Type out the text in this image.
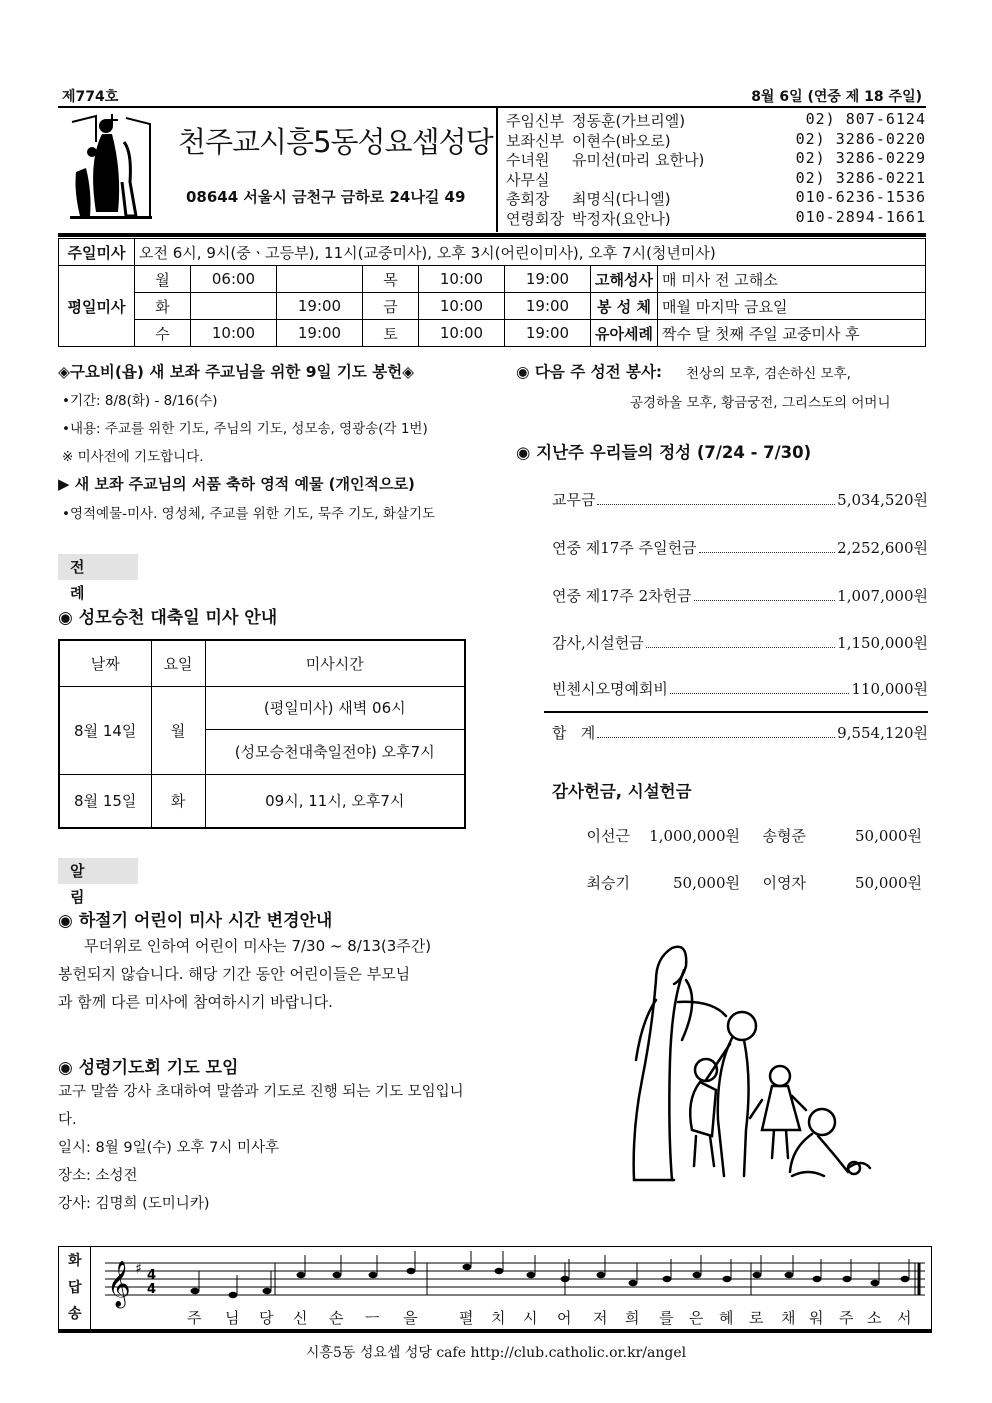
제774호	8월 6일 (연중 제 18 주일)
천주교시흥5동성요셉성당
08644 서울시 금천구 금하로 24나길 49
주임신부 정동훈(가브리엘)	02) 807-6124
보좌신부 이현수(바오로)	02) 3286-0220
수녀원	유미선(마리 요한나)	02) 3286-0229
사무실	02) 3286-0221
총회장	최명식(다니엘)	010-6236-1536
연령회장 박정자(요안나)	010-2894-1661
주일미사	오전 6시, 9시(중ㆍ고등부), 11시(교중미사), 오후 3시(어린이미사), 오후 7시(청년미사)							
평일미사	월	06:00		목	10:00	19:00	고해성사	매 미사 전 고해소
	화		19:00	금	10:00	19:00	봉 성 체	매월 마지막 금요일
	수	10:00	19:00	토	10:00	19:00	유아세례	짝수 달 첫째 주일 교중미사 후
◈구요비(욥) 새 보좌 주교님을 위한 9일 기도 봉헌◈
•기간: 8/8(화) - 8/16(수)
•내용: 주교를 위한 기도, 주님의 기도, 성모송, 영광송(각 1번)
※ 미사전에 기도합니다.
▶ 새 보좌 주교님의 서품 축하 영적 예물 (개인적으로)
•영적예물-미사. 영성체, 주교를 위한 기도, 묵주 기도, 화살기도
전 례
◉ 성모승천 대축일 미사 안내
날짜	요일	미사시간
8월 14일	월	(평일미사) 새벽 06시
		(성모승천대축일전야) 오후7시
8월 15일	화	09시, 11시, 오후7시
알 림
◉ 하절기 어린이 미사 시간 변경안내
무더위로 인하여 어린이 미사는 7/30 ~ 8/13(3주간)
봉헌되지 않습니다. 해당 기간 동안 어린이들은 부모님
과 함께 다른 미사에 참여하시기 바랍니다.
◉ 성령기도회 기도 모임
교구 말씀 강사 초대하여 말씀과 기도로 진행 되는 기도 모임입니
다.
일시: 8월 9일(수) 오후 7시 미사후
장소: 소성전
강사: 김명희 (도미니카)
◉ 다음 주 성전 봉사: 천상의 모후, 겸손하신 모후,
공경하올 모후, 황금궁전, 그리스도의 어머니
◉ 지난주 우리들의 정성 (7/24 - 7/30)
교무금	5,034,520원
연중 제17주 주일헌금	2,252,600원
연중 제17주 2차헌금	1,007,000원
감사,시설헌금	1,150,000원
빈첸시오명예회비	110,000원
합   계	9,554,120원
감사헌금, 시설헌금
이선근	1,000,000원	송형준	50,000원
최승기	50,000원	이영자	50,000원
화
답
송
𝄞 ♯ 4
4
주 님 당 신 손 ㅡ 을	펼 치 시 어 저 희 를 은 혜 로 채 워 주 소 서
시흥5동 성요셉 성당 cafe http://club.catholic.or.kr/angel
